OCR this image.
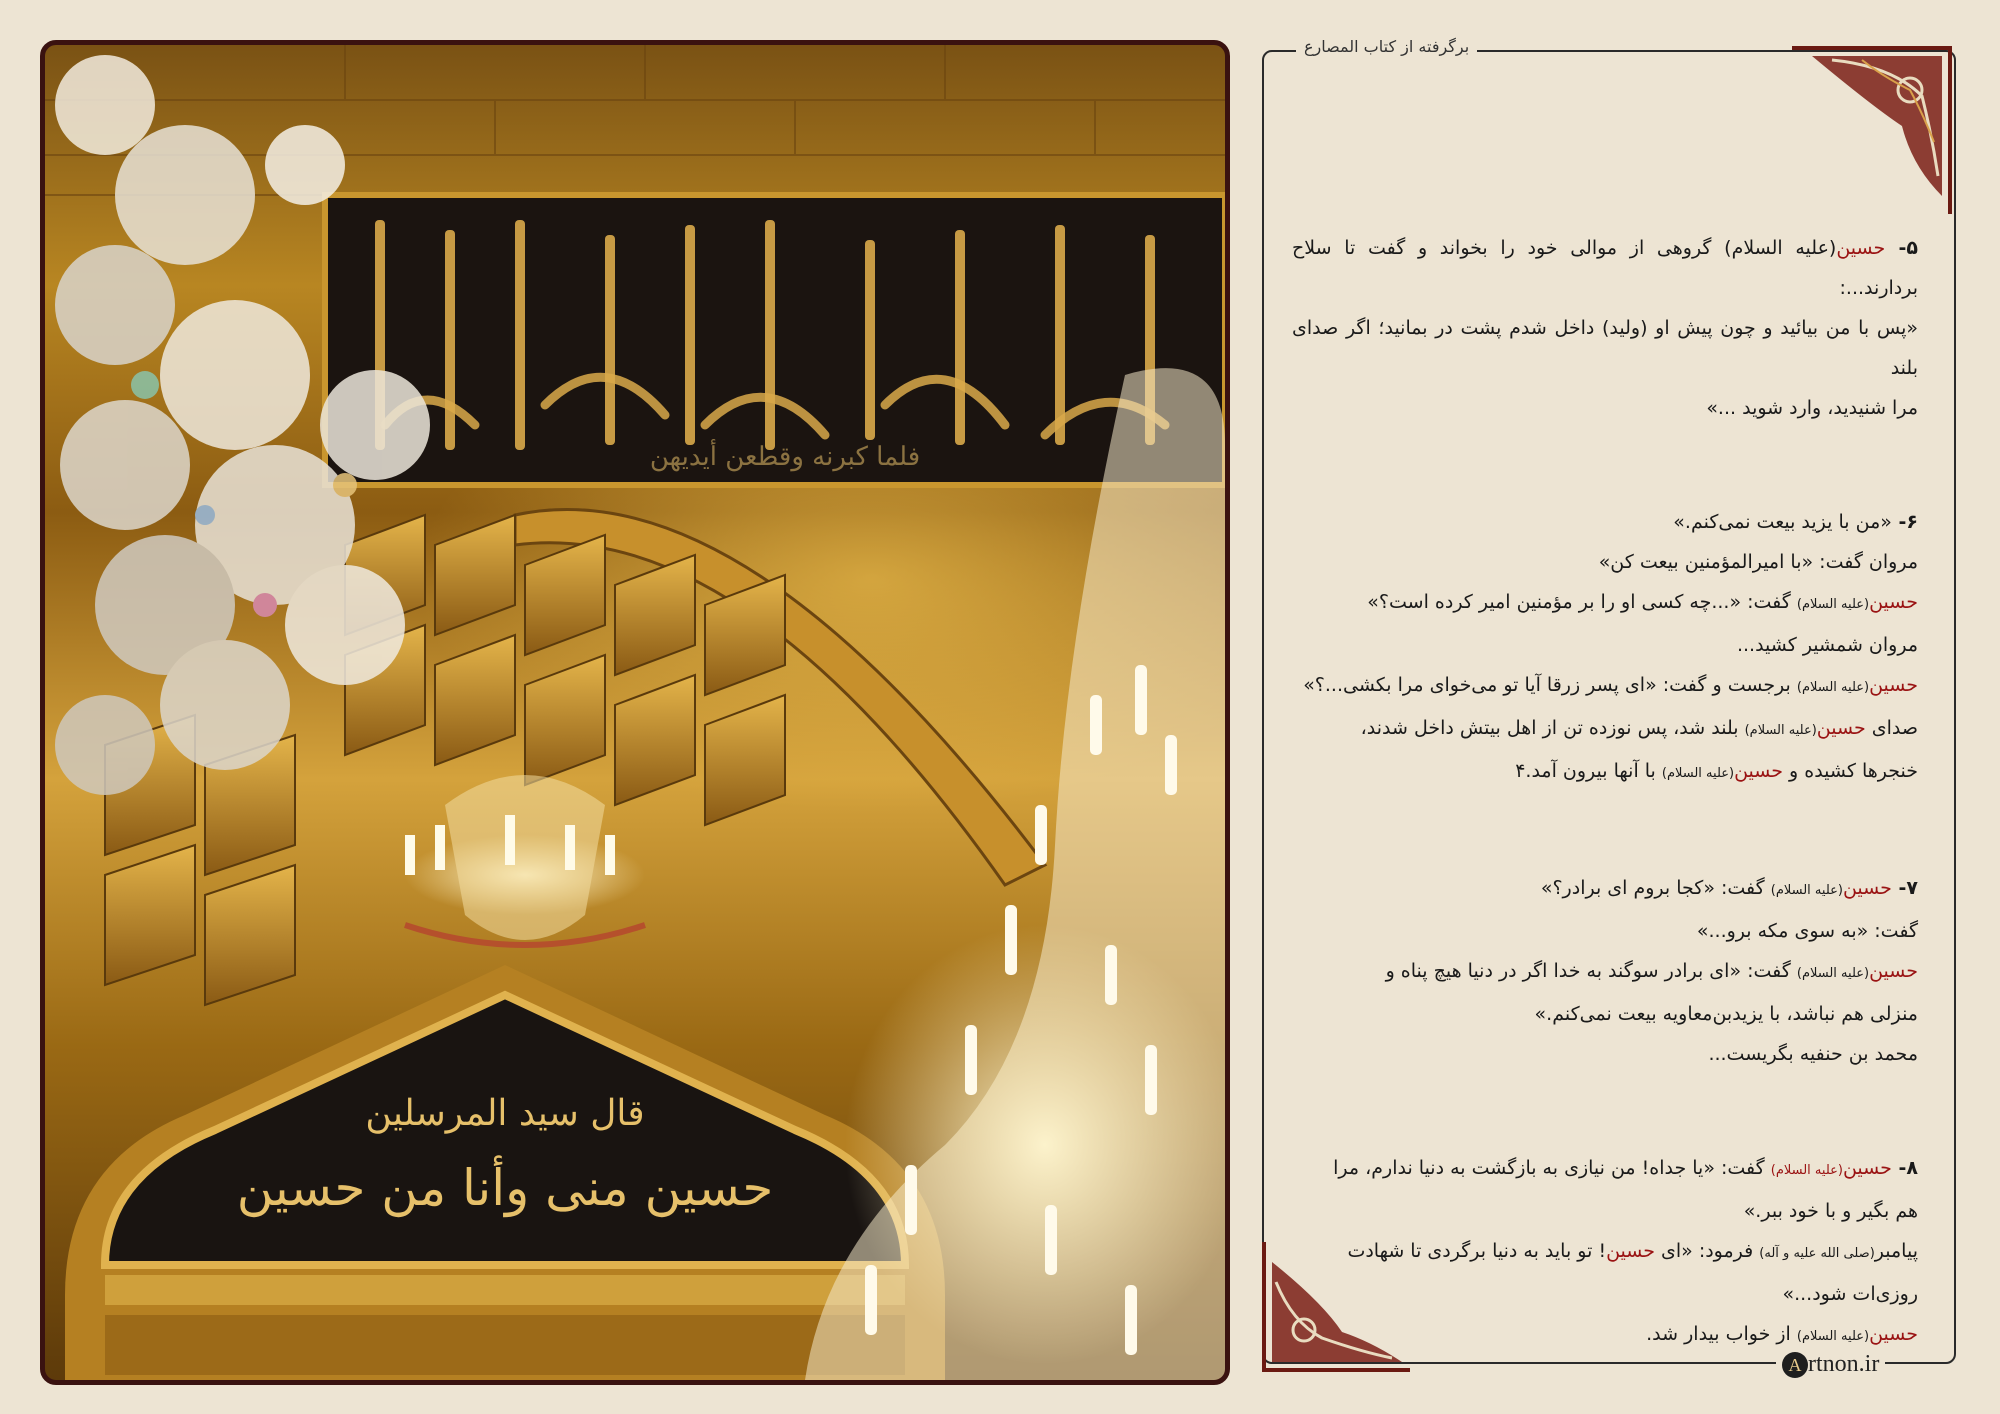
فلما كبرنه وقطعن أيديهن
قال سيد المرسلين
حسين منى وأنا من حسين
برگرفته از کتاب المصارع
۵- حسین(علیه السلام) گروهی از موالی خود را بخواند و گفت تا سلاح بردارند...:
«پس با من بیائید و چون پیش او (ولید) داخل شدم پشت در بمانید؛ اگر صدای بلند
مرا شنیدید، وارد شوید ...»
۶- «من با یزید بیعت نمی‌کنم.»
مروان گفت: «با امیرالمؤمنین بیعت کن»
حسین(علیه السلام) گفت: «...چه کسی او را بر مؤمنین امیر کرده است؟»
مروان شمشیر کشید...
حسین(علیه السلام) برجست و گفت: «ای پسر زرقا آیا تو می‌خوای مرا بکشی...؟»
صدای حسین(علیه السلام) بلند شد، پس نوزده تن از اهل بیتش داخل شدند،
خنجرها کشیده و حسین(علیه السلام) با آنها بیرون آمد.۴
۷- حسین(علیه السلام) گفت: «کجا بروم ای برادر؟»
گفت: «به سوی مکه برو...»
حسین(علیه السلام) گفت: «ای برادر سوگند به خدا اگر در دنیا هیچ پناه و
منزلی هم نباشد، با یزیدبن‌معاویه بیعت نمی‌کنم.»
محمد بن حنفیه بگریست...
۸- حسین(علیه السلام) گفت: «یا جداه! من نیازی به بازگشت به دنیا ندارم، مرا
هم بگیر و با خود ببر.»
پیامبر(صلی الله علیه و آله) فرمود: «ای حسین! تو باید به دنیا برگردی تا شهادت
روزی‌ات شود...»
حسین(علیه السلام) از خواب بیدار شد.
A rtnon.ir
